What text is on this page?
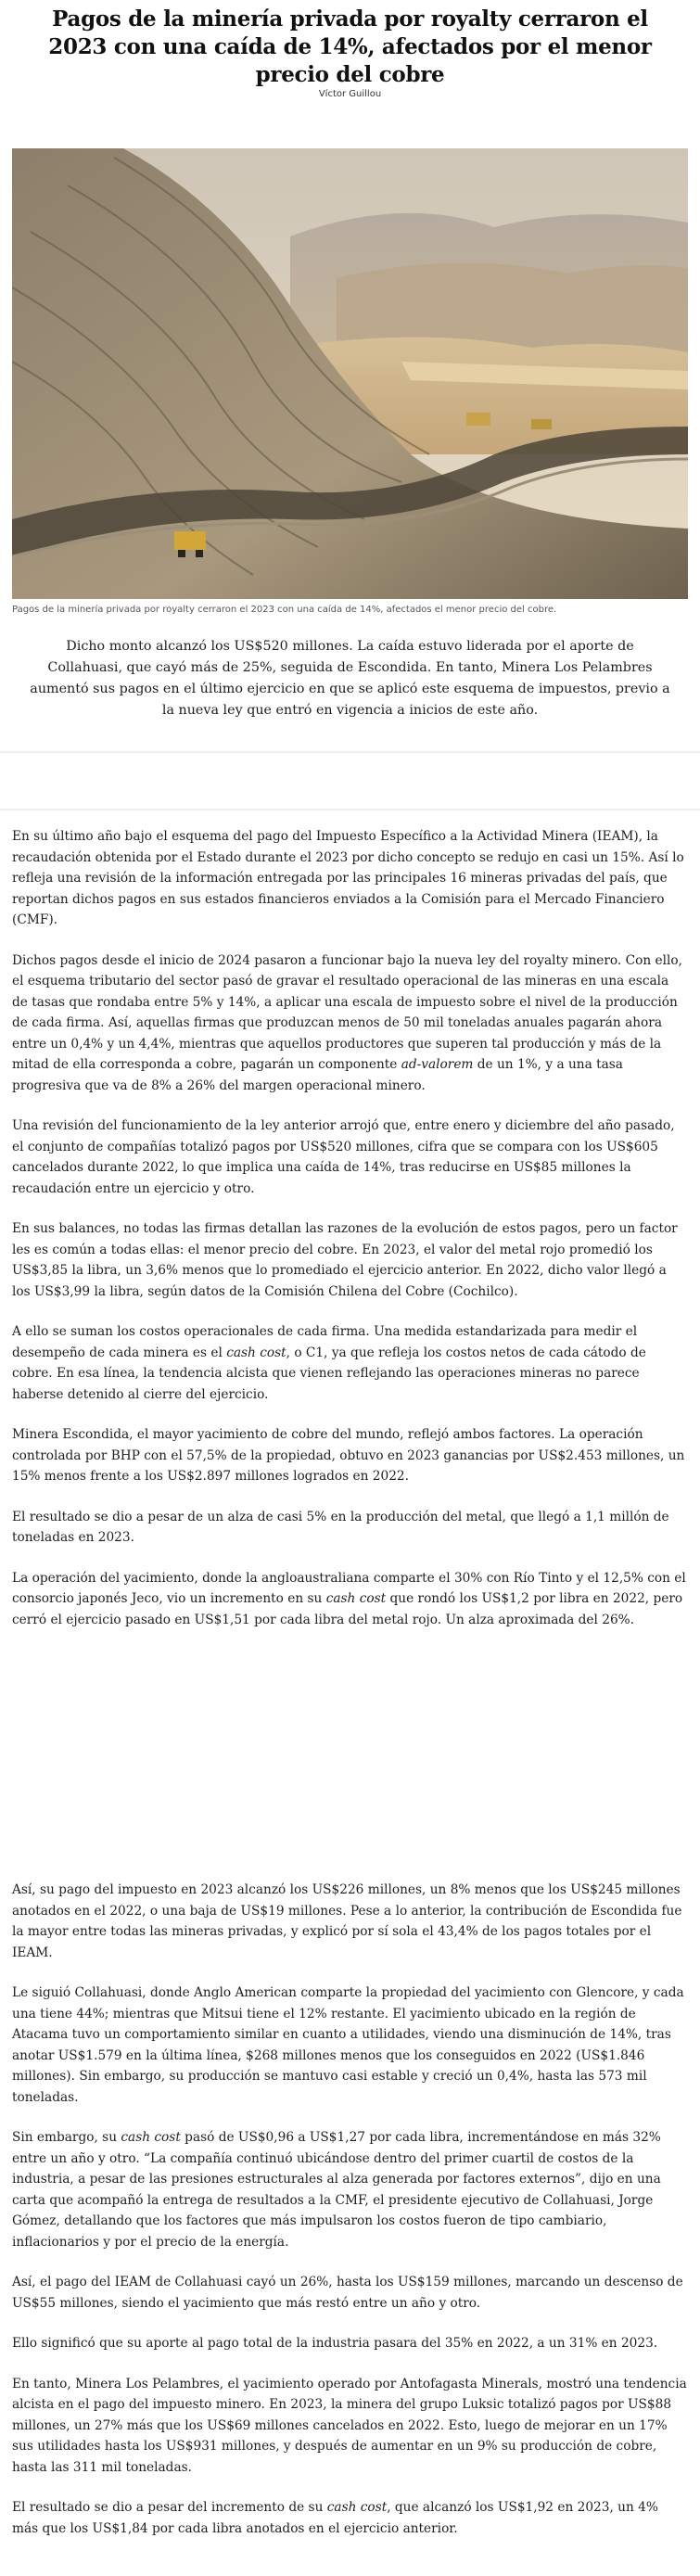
Pagos de la minería privada por royalty cerraron el 2023 con una caída de 14%, afectados por el menor precio del cobre
Víctor Guillou
Pagos de la minería privada por royalty cerraron el 2023 con una caída de 14%, afectados el menor precio del cobre.

Dicho monto alcanzó los US$520 millones. La caída estuvo liderada por el aporte de Collahuasi, que cayó más de 25%, seguida de Escondida. En tanto, Minera Los Pelambres aumentó sus pagos en el último ejercicio en que se aplicó este esquema de impuestos, previo a la nueva ley que entró en vigencia a inicios de este año.

En su último año bajo el esquema del pago del Impuesto Específico a la Actividad Minera (IEAM), la recaudación obtenida por el Estado durante el 2023 por dicho concepto se redujo en casi un 15%. Así lo refleja una revisión de la información entregada por las principales 16 mineras privadas del país, que reportan dichos pagos en sus estados financieros enviados a la Comisión para el Mercado Financiero (CMF).

Dichos pagos desde el inicio de 2024 pasaron a funcionar bajo la nueva ley del royalty minero. Con ello, el esquema tributario del sector pasó de gravar el resultado operacional de las mineras en una escala de tasas que rondaba entre 5% y 14%, a aplicar una escala de impuesto sobre el nivel de la producción de cada firma. Así, aquellas firmas que produzcan menos de 50 mil toneladas anuales pagarán ahora entre un 0,4% y un 4,4%, mientras que aquellos productores que superen tal producción y más de la mitad de ella corresponda a cobre, pagarán un componente ad-valorem de un 1%, y a una tasa progresiva que va de 8% a 26% del margen operacional minero.

Una revisión del funcionamiento de la ley anterior arrojó que, entre enero y diciembre del año pasado, el conjunto de compañías totalizó pagos por US$520 millones, cifra que se compara con los US$605 cancelados durante 2022, lo que implica una caída de 14%, tras reducirse en US$85 millones la recaudación entre un ejercicio y otro.

En sus balances, no todas las firmas detallan las razones de la evolución de estos pagos, pero un factor les es común a todas ellas: el menor precio del cobre. En 2023, el valor del metal rojo promedió los US$3,85 la libra, un 3,6% menos que lo promediado el ejercicio anterior. En 2022, dicho valor llegó a los US$3,99 la libra, según datos de la Comisión Chilena del Cobre (Cochilco).

A ello se suman los costos operacionales de cada firma. Una medida estandarizada para medir el desempeño de cada minera es el cash cost, o C1, ya que refleja los costos netos de cada cátodo de cobre. En esa línea, la tendencia alcista que vienen reflejando las operaciones mineras no parece haberse detenido al cierre del ejercicio.

Minera Escondida, el mayor yacimiento de cobre del mundo, reflejó ambos factores. La operación controlada por BHP con el 57,5% de la propiedad, obtuvo en 2023 ganancias por US$2.453 millones, un 15% menos frente a los US$2.897 millones logrados en 2022.

El resultado se dio a pesar de un alza de casi 5% en la producción del metal, que llegó a 1,1 millón de toneladas en 2023.

La operación del yacimiento, donde la angloaustraliana comparte el 30% con Río Tinto y el 12,5% con el consorcio japonés Jeco, vio un incremento en su cash cost que rondó los US$1,2 por libra en 2022, pero cerró el ejercicio pasado en US$1,51 por cada libra del metal rojo. Un alza aproximada del 26%.

Así, su pago del impuesto en 2023 alcanzó los US$226 millones, un 8% menos que los US$245 millones anotados en el 2022, o una baja de US$19 millones. Pese a lo anterior, la contribución de Escondida fue la mayor entre todas las mineras privadas, y explicó por sí sola el 43,4% de los pagos totales por el IEAM.

Le siguió Collahuasi, donde Anglo American comparte la propiedad del yacimiento con Glencore, y cada una tiene 44%; mientras que Mitsui tiene el 12% restante. El yacimiento ubicado en la región de Atacama tuvo un comportamiento similar en cuanto a utilidades, viendo una disminución de 14%, tras anotar US$1.579 en la última línea, $268 millones menos que los conseguidos en 2022 (US$1.846 millones). Sin embargo, su producción se mantuvo casi estable y creció un 0,4%, hasta las 573 mil toneladas.

Sin embargo, su cash cost pasó de US$0,96 a US$1,27 por cada libra, incrementándose en más 32% entre un año y otro. “La compañía continuó ubicándose dentro del primer cuartil de costos de la industria, a pesar de las presiones estructurales al alza generada por factores externos”, dijo en una carta que acompañó la entrega de resultados a la CMF, el presidente ejecutivo de Collahuasi, Jorge Gómez, detallando que los factores que más impulsaron los costos fueron de tipo cambiario, inflacionarios y por el precio de la energía.

Así, el pago del IEAM de Collahuasi cayó un 26%, hasta los US$159 millones, marcando un descenso de US$55 millones, siendo el yacimiento que más restó entre un año y otro.

Ello significó que su aporte al pago total de la industria pasara del 35% en 2022, a un 31% en 2023.

En tanto, Minera Los Pelambres, el yacimiento operado por Antofagasta Minerals, mostró una tendencia alcista en el pago del impuesto minero. En 2023, la minera del grupo Luksic totalizó pagos por US$88 millones, un 27% más que los US$69 millones cancelados en 2022. Esto, luego de mejorar en un 17% sus utilidades hasta los US$931 millones, y después de aumentar en un 9% su producción de cobre, hasta las 311 mil toneladas.

El resultado se dio a pesar del incremento de su cash cost, que alcanzó los US$1,92 en 2023, un 4% más que los US$1,84 por cada libra anotados en el ejercicio anterior.
